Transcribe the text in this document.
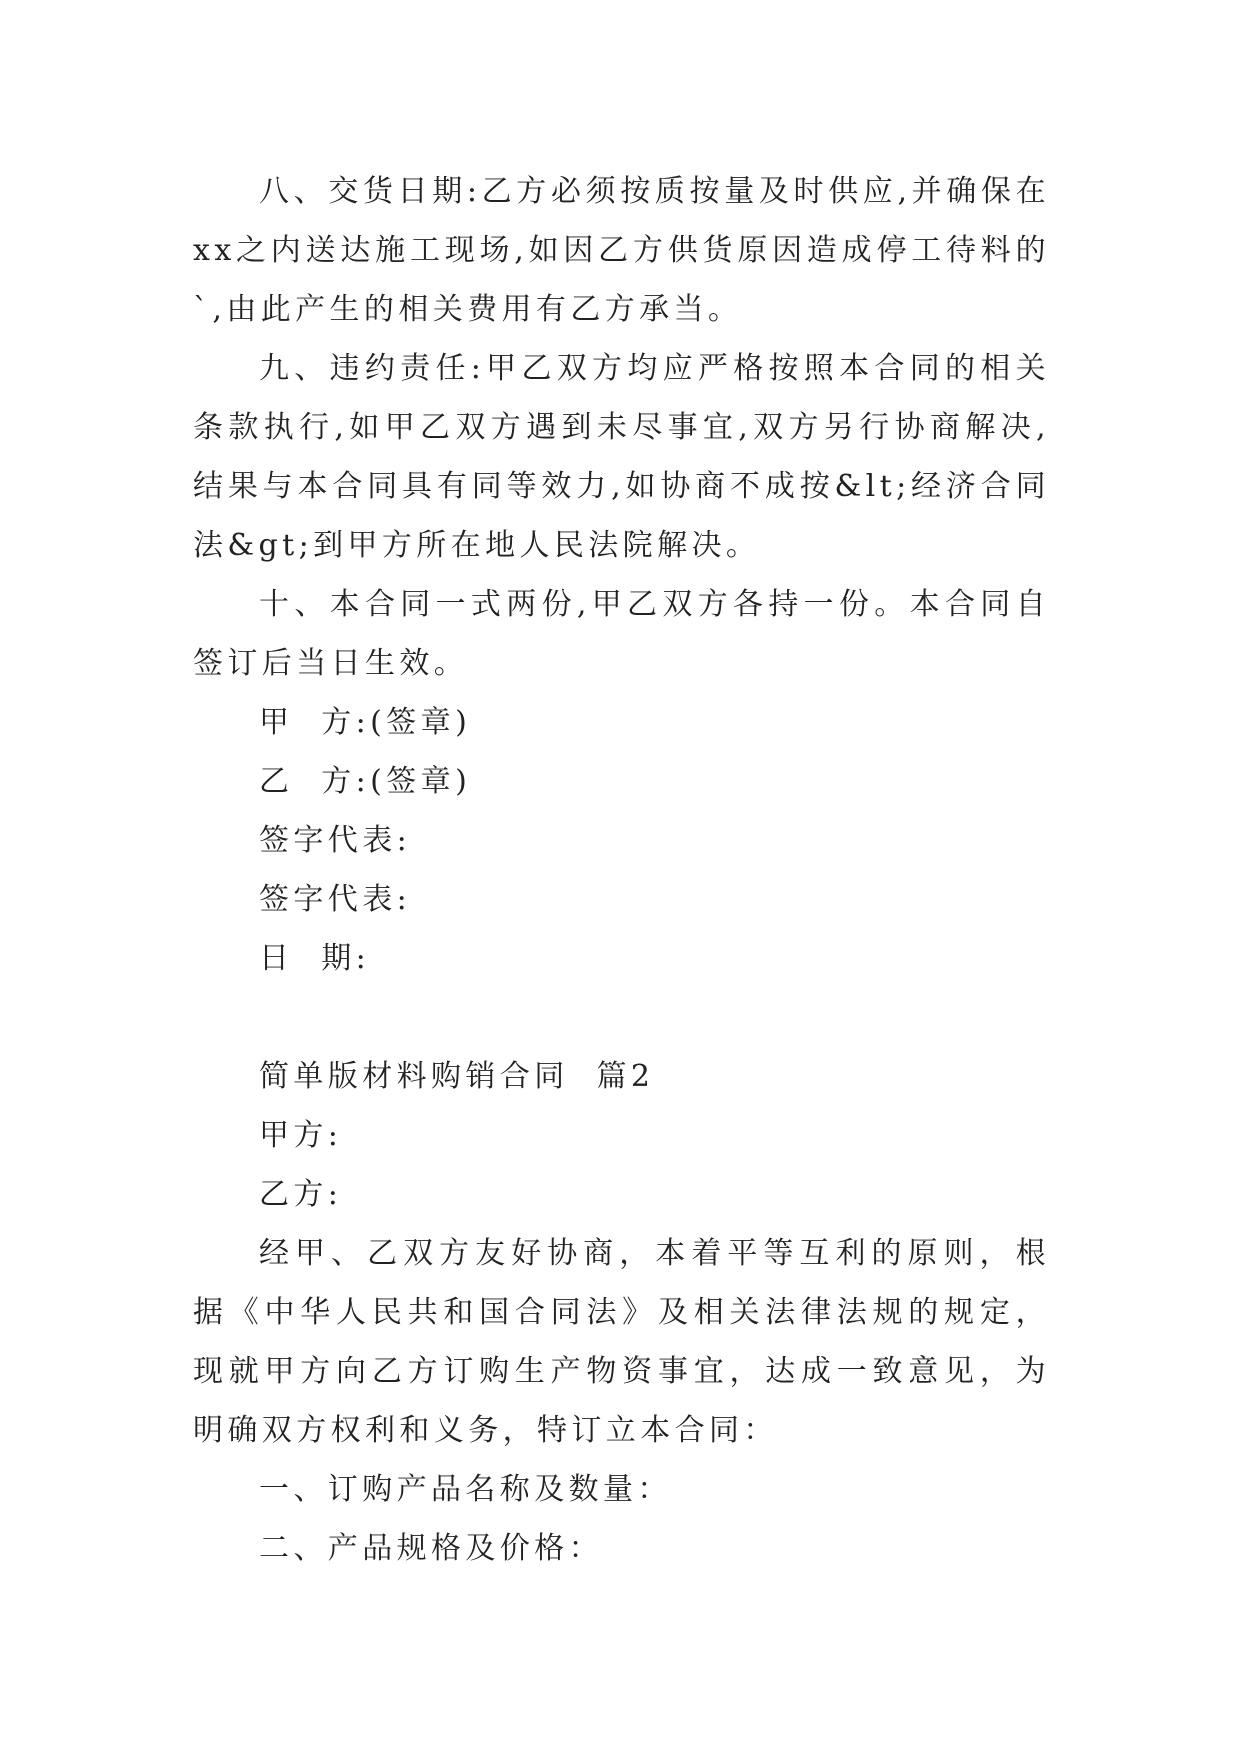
八、交货日期:乙方必须按质按量及时供应,并确保在xx之内送达施工现场,如因乙方供货原因造成停工待料的`,由此产生的相关费用有乙方承当。

九、违约责任:甲乙双方均应严格按照本合同的相关条款执行,如甲乙双方遇到未尽事宜,双方另行协商解决,结果与本合同具有同等效力,如协商不成按&lt;经济合同法&gt;到甲方所在地人民法院解决。

十、本合同一式两份,甲乙双方各持一份。本合同自签订后当日生效。

甲  方:(签章)

乙  方:(签章)

签字代表:

签字代表:

日  期:

简单版材料购销合同  篇2

甲方:

乙方:

经甲、乙双方友好协商，本着平等互利的原则，根据《中华人民共和国合同法》及相关法律法规的规定，现就甲方向乙方订购生产物资事宜，达成一致意见，为明确双方权利和义务，特订立本合同：

一、订购产品名称及数量：

二、产品规格及价格：
